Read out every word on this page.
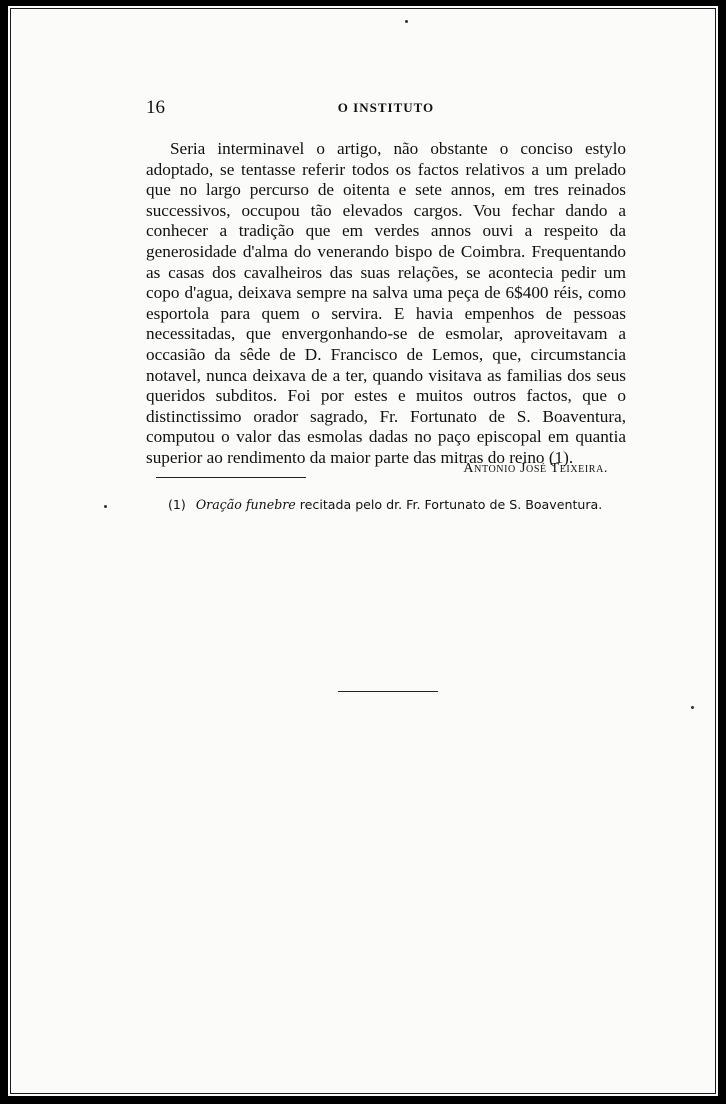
16	O INSTITUTO

Seria interminavel o artigo, não obstante o conciso estylo adoptado, se tentasse referir todos os factos relativos a um prelado que no largo percurso de oitenta e sete annos, em tres reinados successivos, occupou tão elevados cargos. Vou fechar dando a conhecer a tradição que em verdes annos ouvi a respeito da generosidade d'alma do venerando bispo de Coimbra. Frequentando as casas dos cavalheiros das suas relações, se acontecia pedir um copo d'agua, deixava sempre na salva uma peça de 6$400 réis, como esportola para quem o servira. E havia empenhos de pessoas necessitadas, que envergonhando-se de esmolar, aproveitavam a occasião da sêde de D. Francisco de Lemos, que, circumstancia notavel, nunca deixava de a ter, quando visitava as familias dos seus queridos subditos. Foi por estes e muitos outros factos, que o distinctissimo orador sagrado, Fr. Fortunato de S. Boaventura, computou o valor das esmolas dadas no paço episcopal em quantia superior ao rendimento da maior parte das mitras do reino (1).

Antonio José Teixeira.
(1) Oração funebre recitada pelo dr. Fr. Fortunato de S. Boaventura.
